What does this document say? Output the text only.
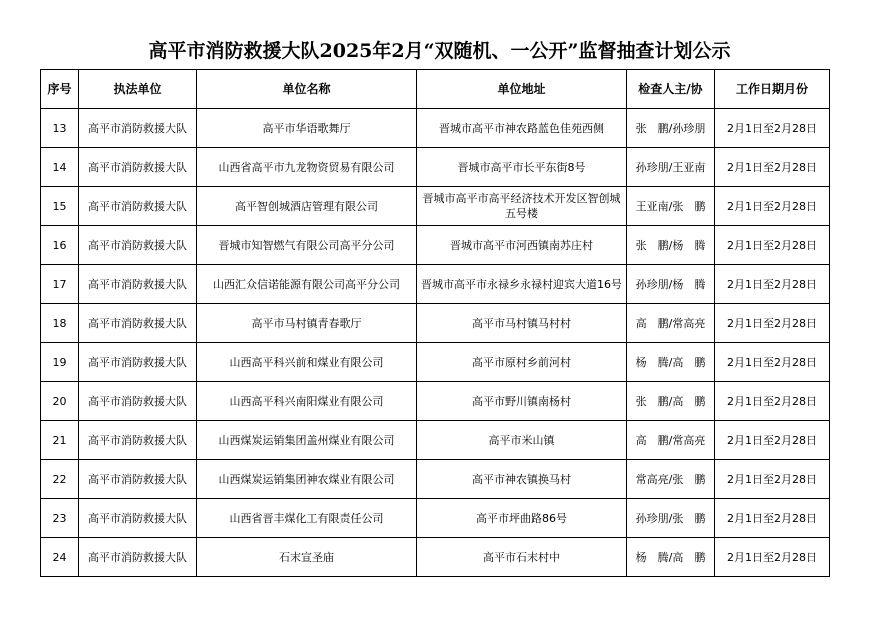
高平市消防救援大队2025年2月“双随机、一公开”监督抽查计划公示
序号	执法单位	单位名称	单位地址	检查人主/协	工作日期月份
13	高平市消防救援大队	高平市华语歌舞厅	晋城市高平市神农路蓝色佳苑西侧	张　鹏/孙珍朋	2月1日至2月28日
14	高平市消防救援大队	山西省高平市九龙物资贸易有限公司	晋城市高平市长平东街8号	孙珍朋/王亚南	2月1日至2月28日
15	高平市消防救援大队	高平智创城酒店管理有限公司	晋城市高平市高平经济技术开发区智创城五号楼	王亚南/张　鹏	2月1日至2月28日
16	高平市消防救援大队	晋城市知智燃气有限公司高平分公司	晋城市高平市河西镇南苏庄村	张　鹏/杨　腾	2月1日至2月28日
17	高平市消防救援大队	山西汇众信诺能源有限公司高平分公司	晋城市高平市永禄乡永禄村迎宾大道16号	孙珍朋/杨　腾	2月1日至2月28日
18	高平市消防救援大队	高平市马村镇青春歌厅	高平市马村镇马村村	高　鹏/常高亮	2月1日至2月28日
19	高平市消防救援大队	山西高平科兴前和煤业有限公司	高平市原村乡前河村	杨　腾/高　鹏	2月1日至2月28日
20	高平市消防救援大队	山西高平科兴南阳煤业有限公司	高平市野川镇南杨村	张　鹏/高　鹏	2月1日至2月28日
21	高平市消防救援大队	山西煤炭运销集团盖州煤业有限公司	高平市米山镇	高　鹏/常高亮	2月1日至2月28日
22	高平市消防救援大队	山西煤炭运销集团神农煤业有限公司	高平市神农镇换马村	常高亮/张　鹏	2月1日至2月28日
23	高平市消防救援大队	山西省晋丰煤化工有限责任公司	高平市坪曲路86号	孙珍朋/张　鹏	2月1日至2月28日
24	高平市消防救援大队	石末宣圣庙	高平市石末村中	杨　腾/高　鹏	2月1日至2月28日
